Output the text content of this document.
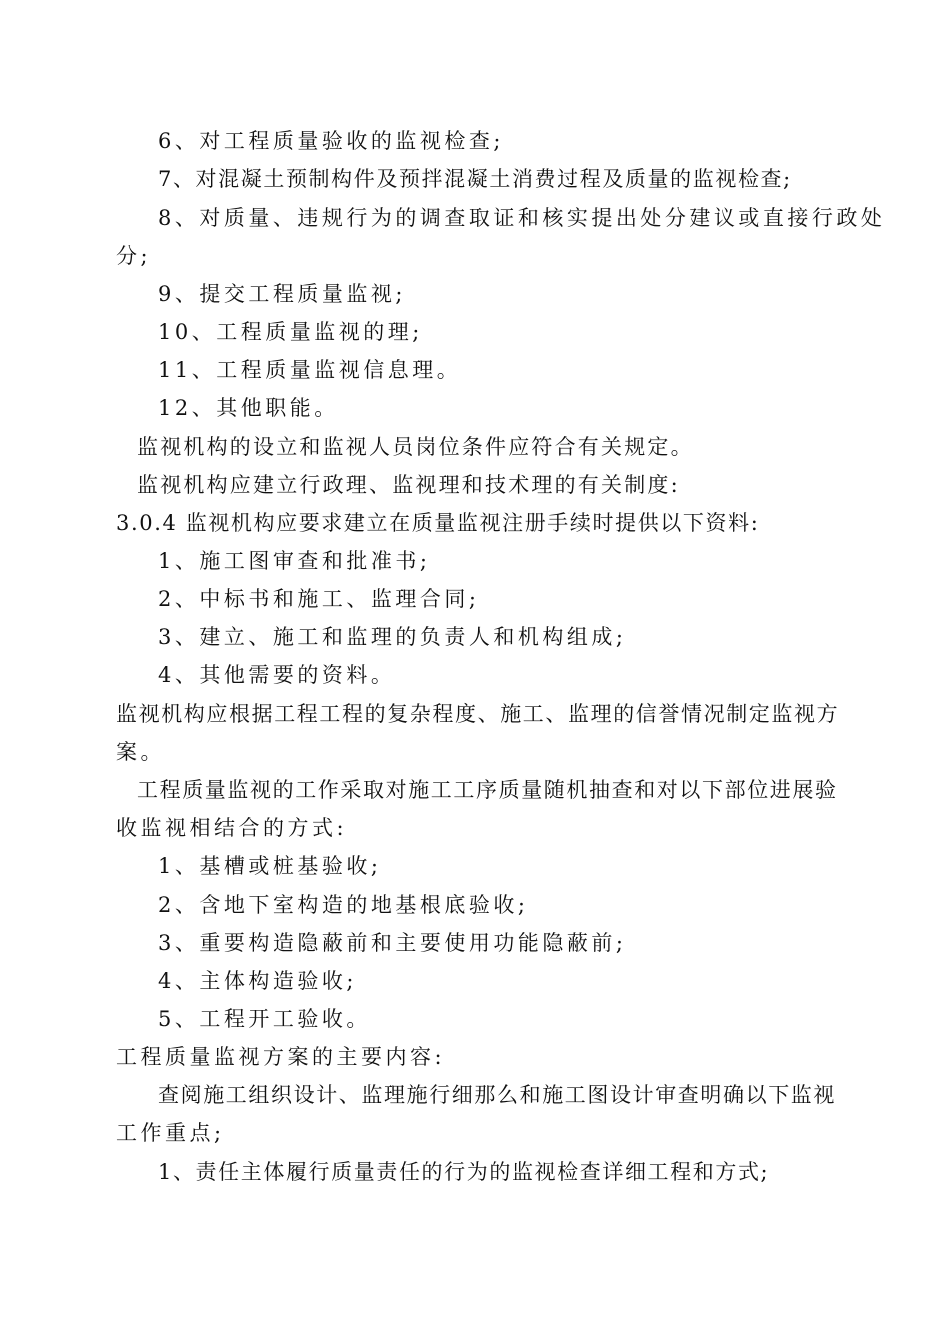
6、对工程质量验收的监视检查;
7、对混凝土预制构件及预拌混凝土消费过程及质量的监视检查;
8、对质量、违规行为的调查取证和核实提出处分建议或直接行政处
分;
9、提交工程质量监视;
10、工程质量监视的理;
11、工程质量监视信息理。
12、其他职能。
监视机构的设立和监视人员岗位条件应符合有关规定。
监视机构应建立行政理、监视理和技术理的有关制度:
3.0.4 监视机构应要求建立在质量监视注册手续时提供以下资料:
1、施工图审查和批准书;
2、中标书和施工、监理合同;
3、建立、施工和监理的负责人和机构组成;
4、其他需要的资料。
监视机构应根据工程工程的复杂程度、施工、监理的信誉情况制定监视方
案。
工程质量监视的工作采取对施工工序质量随机抽查和对以下部位进展验
收监视相结合的方式:
1、基槽或桩基验收;
2、含地下室构造的地基根底验收;
3、重要构造隐蔽前和主要使用功能隐蔽前;
4、主体构造验收;
5、工程开工验收。
工程质量监视方案的主要内容:
查阅施工组织设计、监理施行细那么和施工图设计审查明确以下监视
工作重点;
1、责任主体履行质量责任的行为的监视检查详细工程和方式;
